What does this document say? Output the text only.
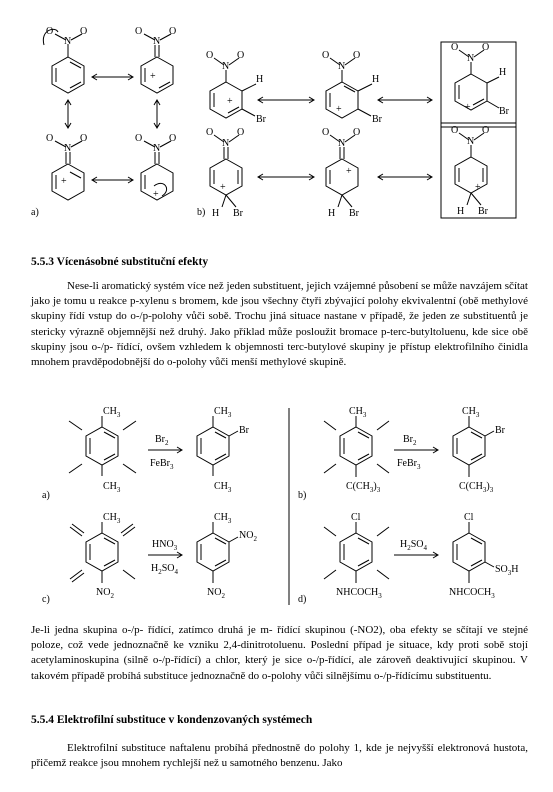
a)	b)
N
O	O
N
O	O
N
O	O
N
O	O
+
+
+
N
O O
N
O O	N
O O
N
O O
N
O O
N
O O
H
Br
H
Br
H
Br
+
+	+
H Br	H Br	H Br
+
+
+
5.5.3 Vícenásobné substituční efekty

Nese-li aromatický systém více než jeden substituent, jejich vzájemné působení se může navzájem sčítat jako je tomu u reakce p-xylenu s bromem, kde jsou všechny čtyři zbývající polohy ekvivalentní (obě methylové skupiny řídí vstup do o-/p-polohy vůči sobě. Trochu jiná situace nastane v případě, že jeden ze substituentů je stericky výrazně objemnější než druhý. Jako příklad může posloužit bromace p-terc-butyltoluenu, kde sice obě skupiny jsou o-/p- řídící, ovšem vzhledem k objemnosti terc-butylové skupiny je přístup elektrofilního činidla mnohem pravděpodobnější do o-polohy vůči menší methylové skupině.

$CH_3$
$CH_3$
$Br_2$
FeBr$_3$
$CH_3$
Br
$CH_3$
a)
$CH_3$
$C(CH_3)_3$
$Br_2$
FeBr$_3$
$CH_3$
Br
$C(CH_3)_3$
b)
$CH_3$
$NO_2$
$HNO_3$
$H_2SO_4$
$CH_3$
$NO_2$
$NO_2$
c)
Cl
$NHCOCH_3$
$H_2SO_4$
Cl
$SO_3H$
$NHCOCH_3$
d)

Je-li jedna skupina o-/p- řídící, zatímco druhá je m- řídící skupinou (-NO2), oba efekty se sčítají ve stejné poloze, což vede jednoznačně ke vzniku 2,4-dinitrotoluenu. Poslední případ je situace, kdy proti sobě stojí acetylaminoskupina (silně o-/p-řídící) a chlor, který je sice o-/p-řídící, ale zároveň deaktivující skupinou. V takovém případě probíhá substituce jednoznačně do o-polohy vůči silnějšímu o-/p-řídícímu substituentu.

5.5.4 Elektrofilní substituce v kondenzovaných systémech

Elektrofilní substituce naftalenu probíhá přednostně do polohy 1, kde je nejvyšší elektronová hustota, přičemž reakce jsou mnohem rychlejší než u samotného benzenu. Jako
